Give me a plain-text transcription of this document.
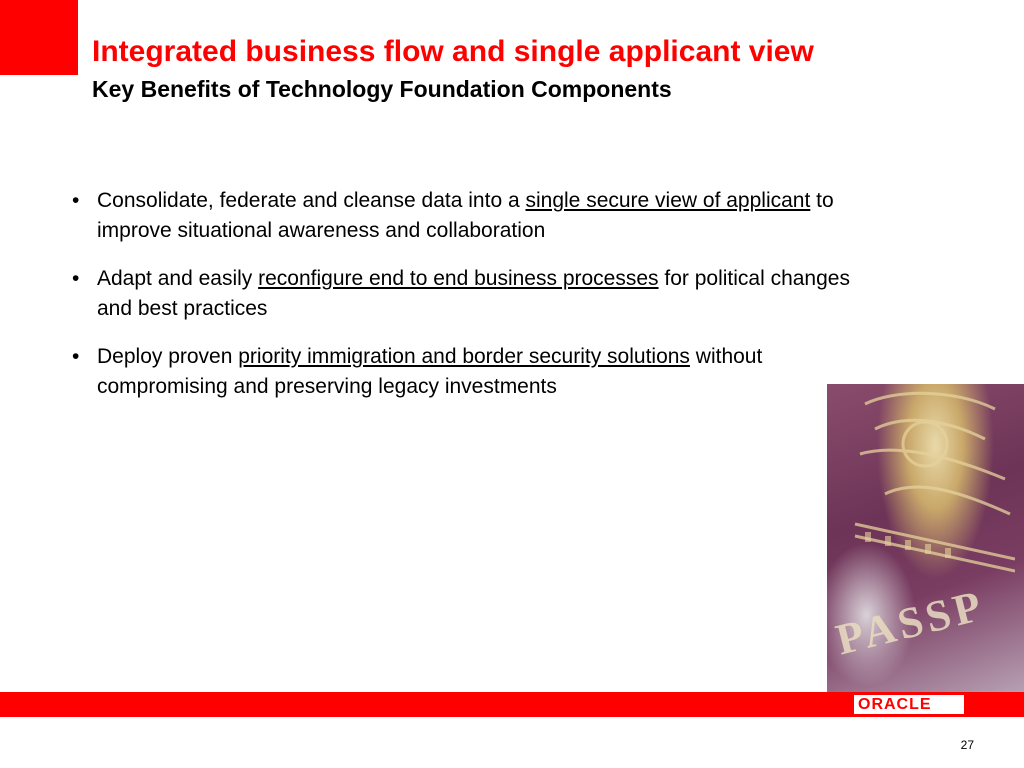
Integrated business flow and single applicant view
Key Benefits of Technology Foundation Components
• Consolidate, federate and cleanse data into a single secure view of applicant to improve situational awareness and collaboration
• Adapt and easily reconfigure end to end business processes for political changes and best practices
• Deploy proven priority immigration and border security solutions without compromising and preserving legacy investments
PASSP
ORACLE
27
